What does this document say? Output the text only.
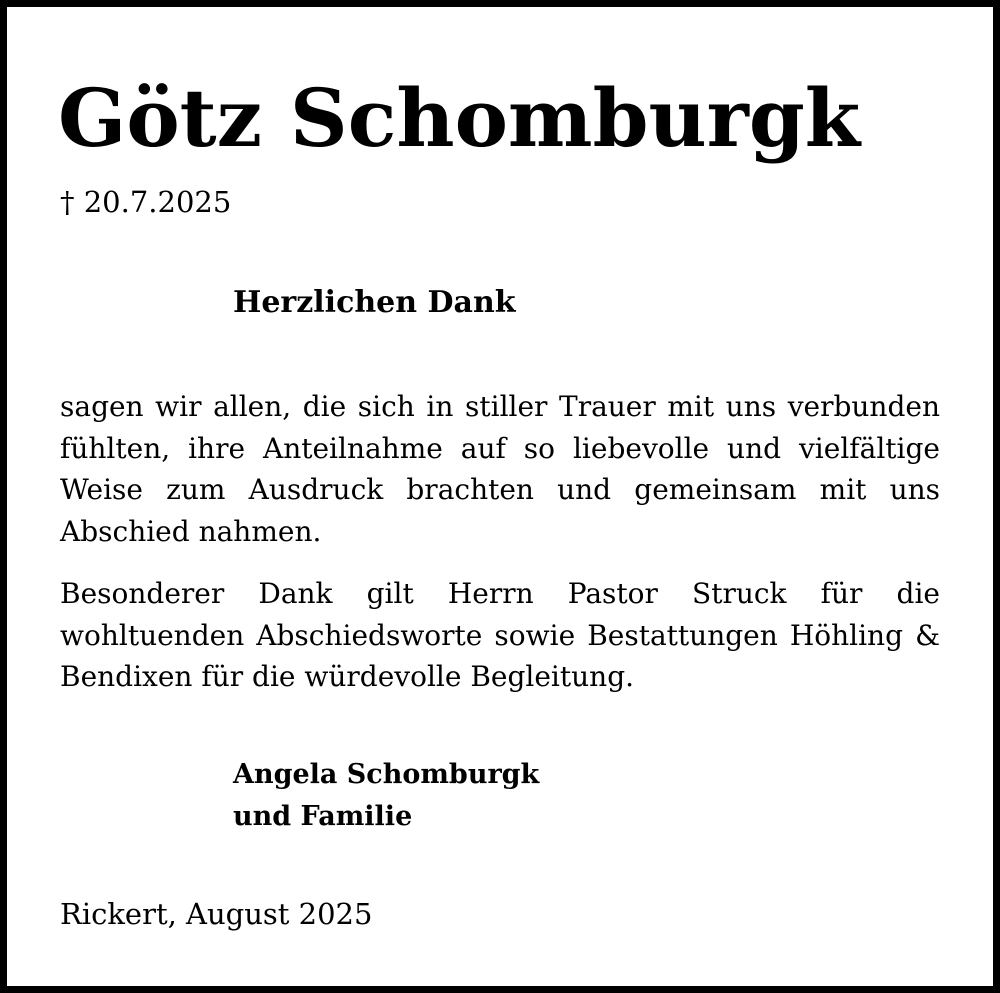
Götz Schomburgk
† 20.7.2025
Herzlichen Dank
sagen wir allen, die sich in stiller Trauer mit uns verbunden fühlten, ihre Anteilnahme auf so liebevolle und vielfältige Weise zum Ausdruck brachten und gemeinsam mit uns Abschied nahmen.
Besonderer Dank gilt Herrn Pastor Struck für die wohltuenden Abschiedsworte sowie Bestattungen Höhling & Bendixen für die würdevolle Begleitung.
Angela Schomburgk
und Familie
Rickert, August 2025
